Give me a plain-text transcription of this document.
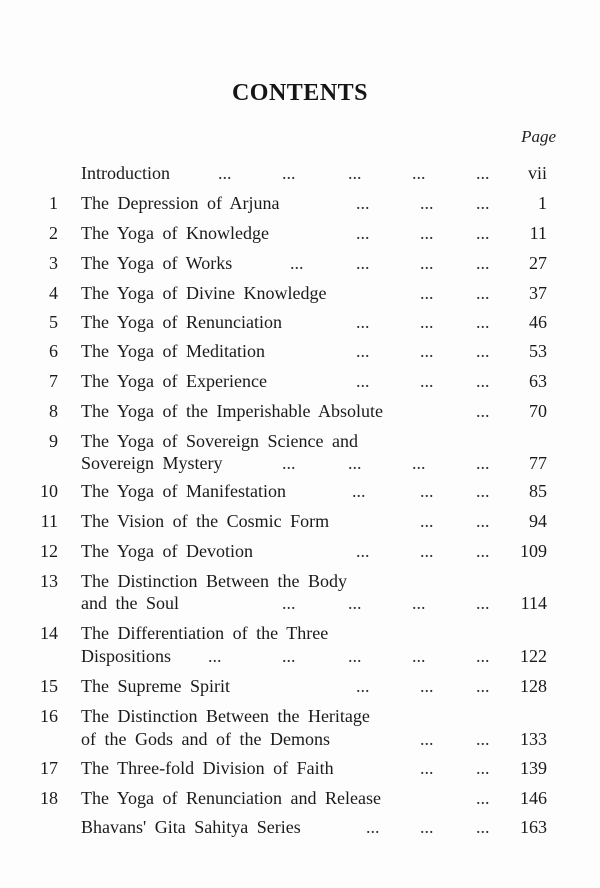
CONTENTS
Page
Introduction	...	...	...	...	... vii
1 The Depression of Arjuna	...	... ...	1
2 The Yoga of Knowledge	...	... ... 11
3 The Yoga of Works	...	...	... ... 27
4 The Yoga of Divine Knowledge	... ... 37
5 The Yoga of Renunciation	...	... ... 46
6 The Yoga of Meditation	...	... ... 53
7 The Yoga of Experience	...	... ... 63
8 The Yoga of the Imperishable Absolute	... 70
9 The Yoga of Sovereign Science and
Sovereign Mystery	...	...	...	... 77
10 The Yoga of Manifestation	...	... ... 85
11 The Vision of the Cosmic Form	... ... 94
12 The Yoga of Devotion	...	... ... 109
13 The Distinction Between the Body
and the Soul	...	...	...	... 114
14 The Differentiation of the Three
Dispositions ...	...	...	...	... 122
15 The Supreme Spirit	...	... ... 128
16 The Distinction Between the Heritage
of the Gods and of the Demons	... ... 133
17 The Three-fold Division of Faith	... ... 139
18 The Yoga of Renunciation and Release	... 146
Bhavans' Gita Sahitya Series	... ... ... 163
